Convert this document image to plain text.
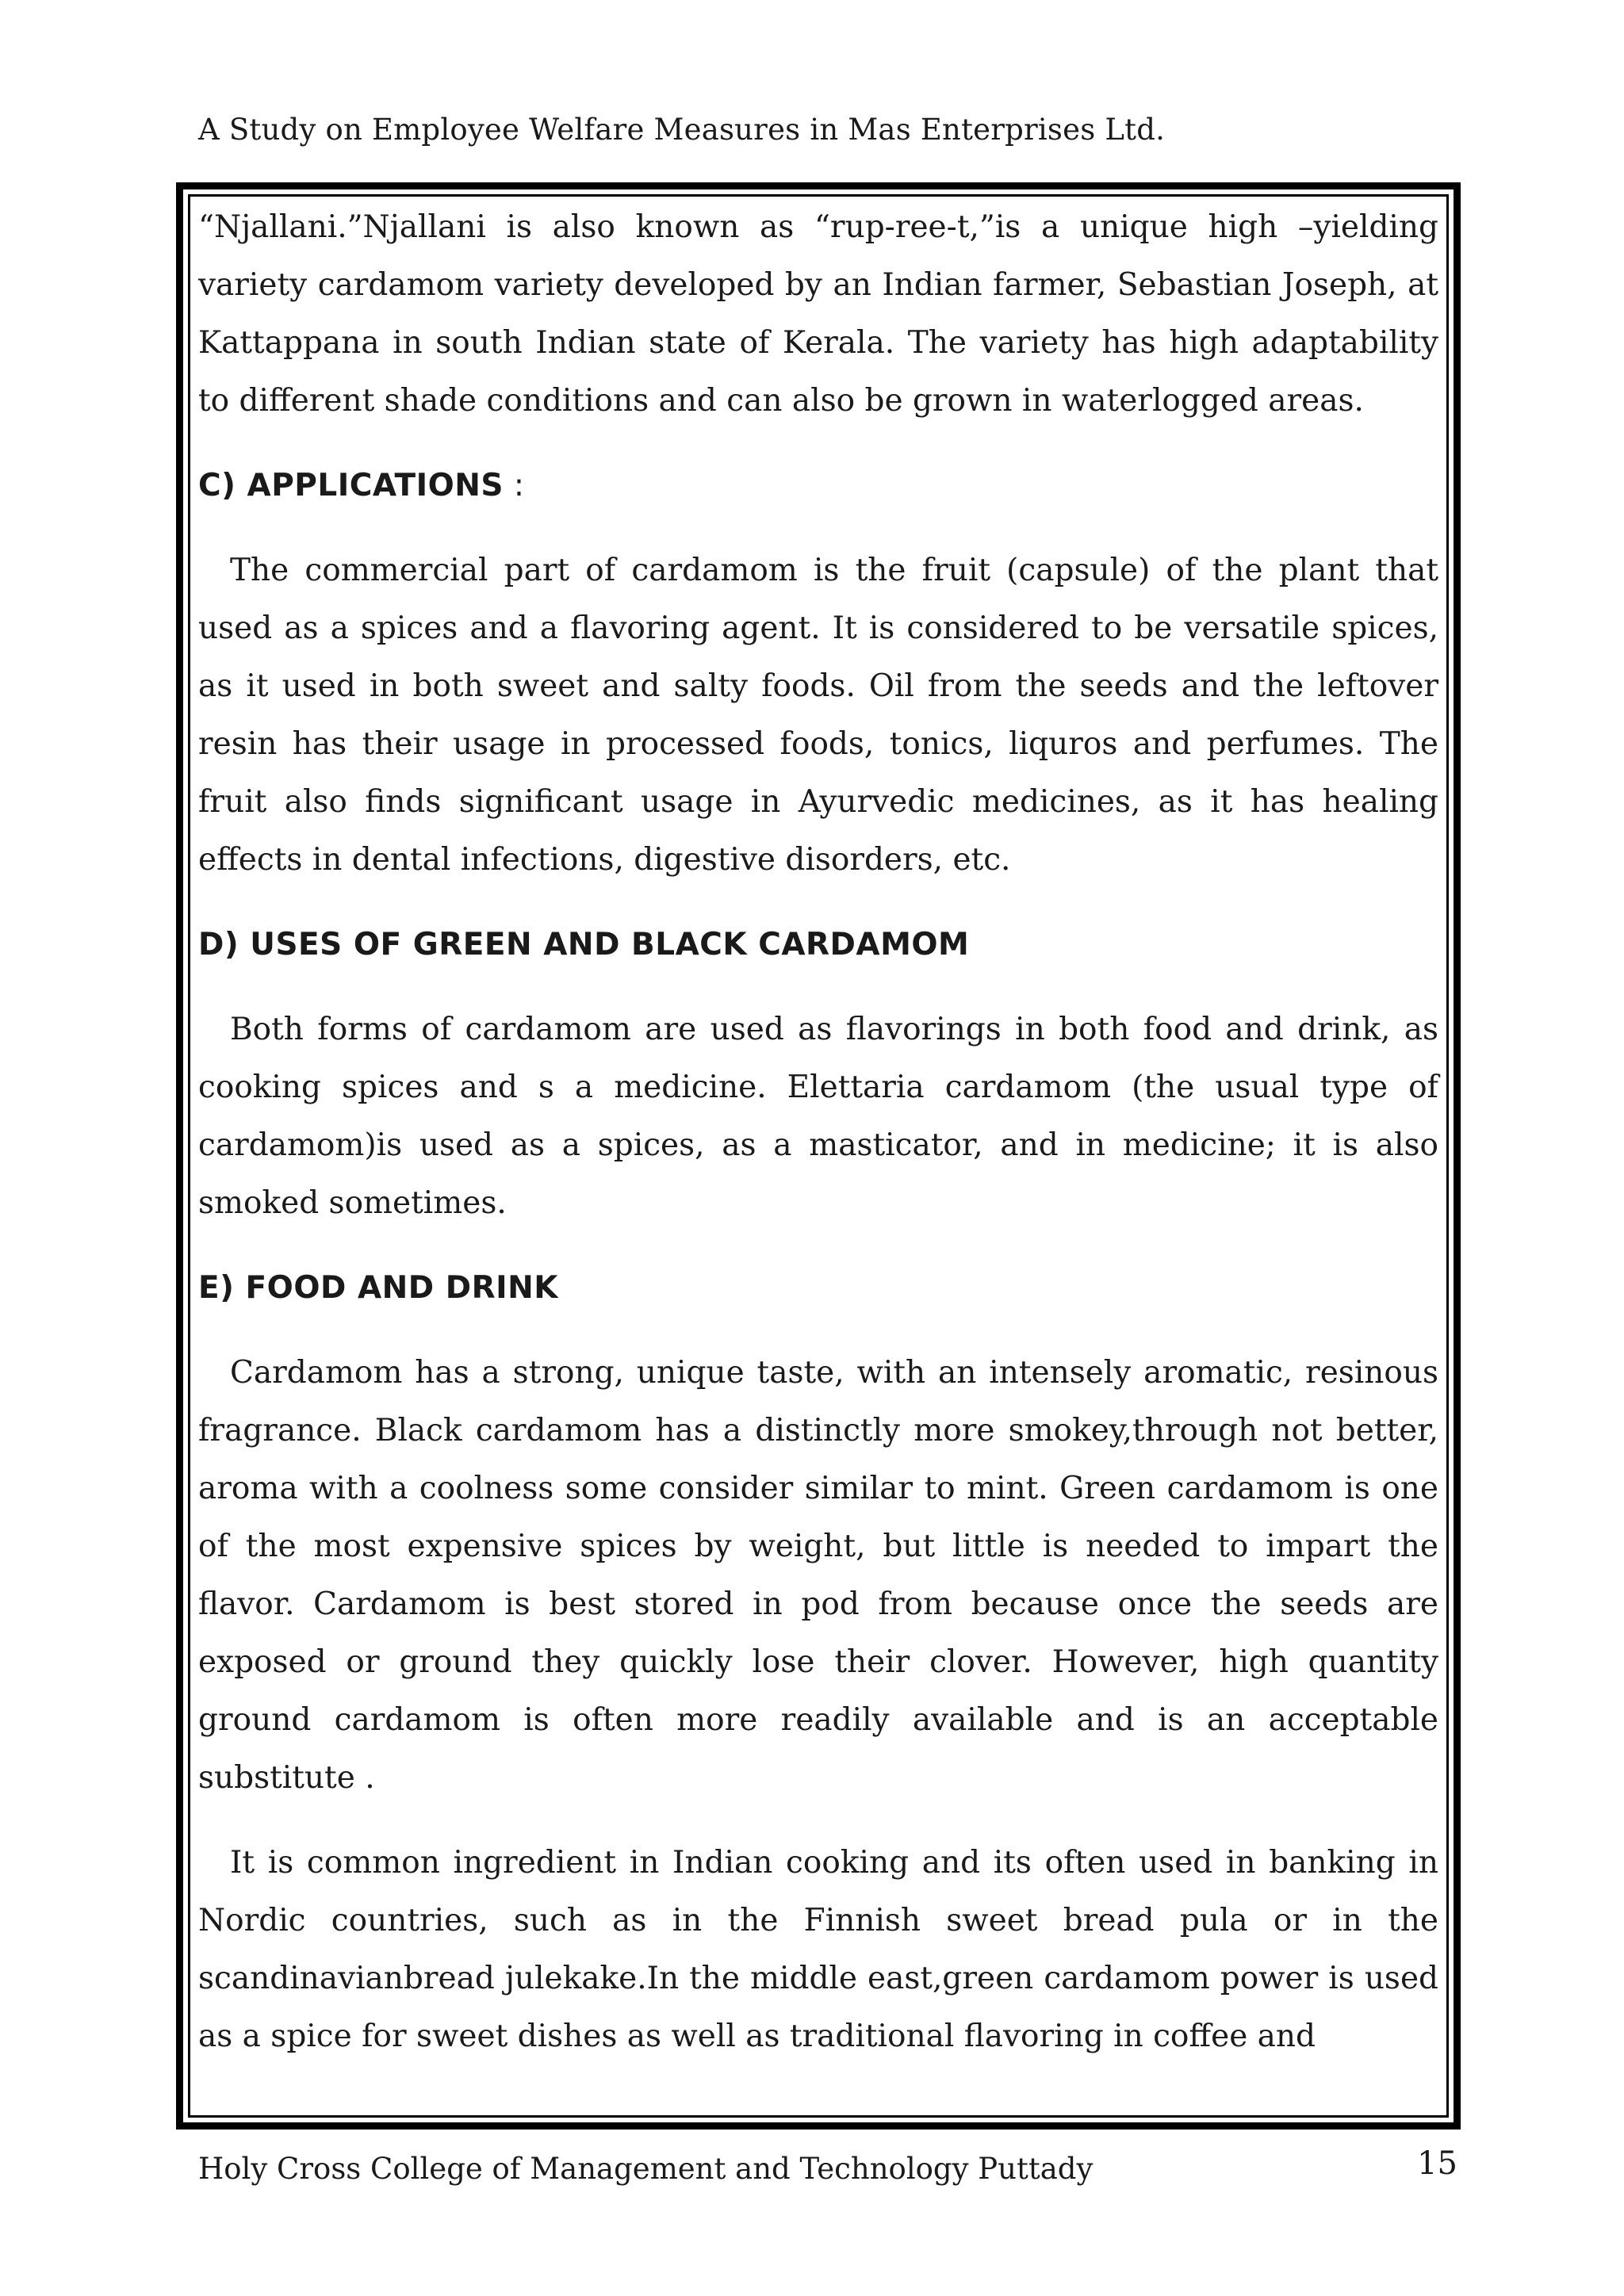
A Study on Employee Welfare Measures in Mas Enterprises Ltd.

“Njallani.”Njallani is also known as “rup-ree-t,”is a unique high –yielding variety cardamom variety developed by an Indian farmer, Sebastian Joseph, at Kattappana in south Indian state of Kerala. The variety has high adaptability to different shade conditions and can also be grown in waterlogged areas.

C) APPLICATIONS :

The commercial part of cardamom is the fruit (capsule) of the plant that used as a spices and a flavoring agent. It is considered to be versatile spices, as it used in both sweet and salty foods. Oil from the seeds and the leftover resin has their usage in processed foods, tonics, liquros and perfumes. The fruit also finds significant usage in Ayurvedic medicines, as it has healing effects in dental infections, digestive disorders, etc.

D) USES OF GREEN AND BLACK CARDAMOM

Both forms of cardamom are used as flavorings in both food and drink, as cooking spices and s a medicine. Elettaria cardamom (the usual type of cardamom)is used as a spices, as a masticator, and in medicine; it is also smoked sometimes.

E) FOOD AND DRINK

Cardamom has a strong, unique taste, with an intensely aromatic, resinous fragrance. Black cardamom has a distinctly more smokey,through not better, aroma with a coolness some consider similar to mint. Green cardamom is one of the most expensive spices by weight, but little is needed to impart the flavor. Cardamom is best stored in pod from because once the seeds are exposed or ground they quickly lose their clover. However, high quantity ground cardamom is often more readily available and is an acceptable substitute .

It is common ingredient in Indian cooking and its often used in banking in Nordic countries, such as in the Finnish sweet bread pula or in the scandinavianbread julekake.In the middle east,green cardamom power is used as a spice for sweet dishes as well as traditional flavoring in coffee and

Holy Cross College of Management and Technology Puttady	15
